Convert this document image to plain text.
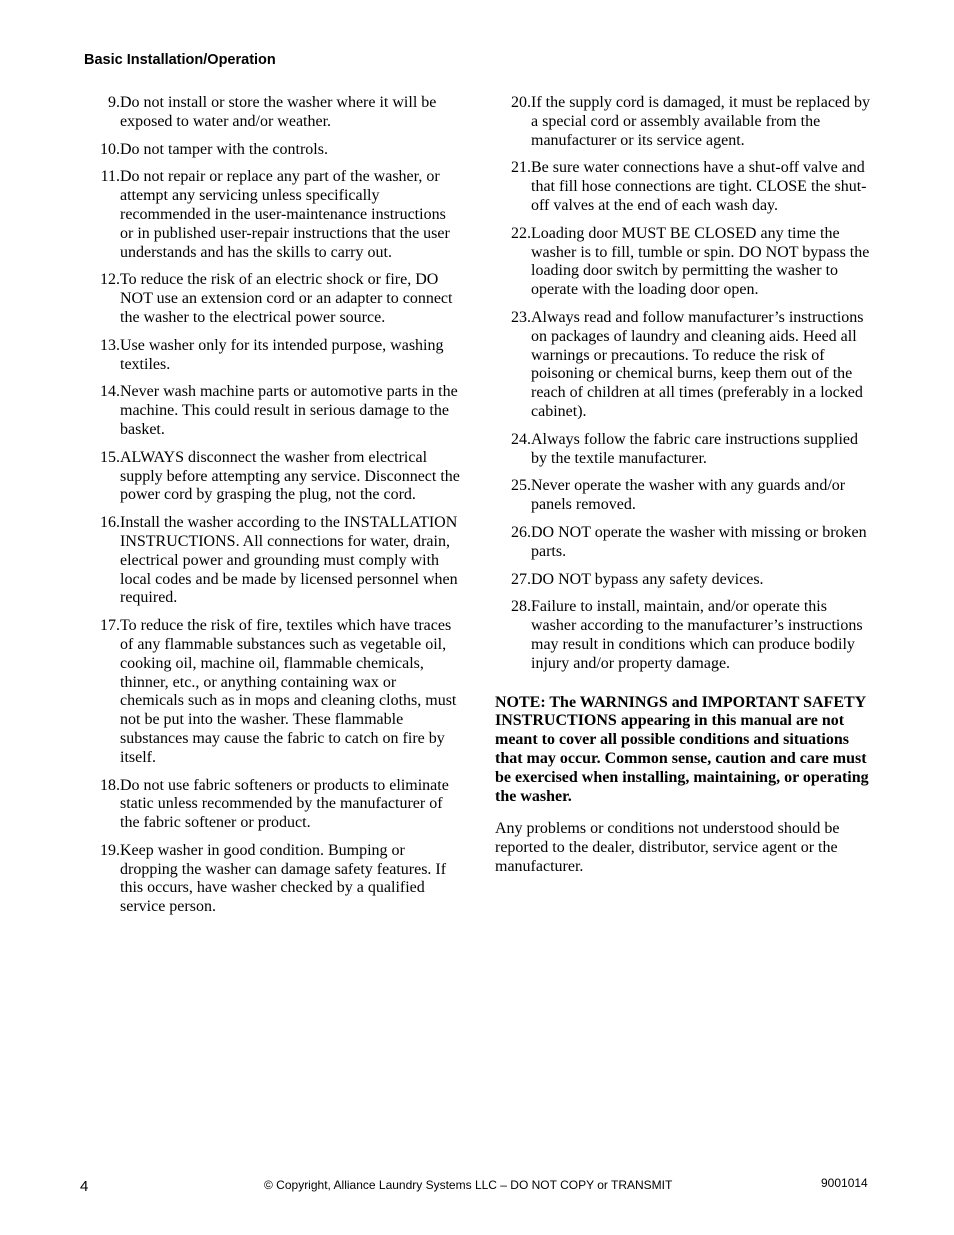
Basic Installation/Operation
9. Do not install or store the washer where it will be exposed to water and/or weather.
10. Do not tamper with the controls.
11. Do not repair or replace any part of the washer, or attempt any servicing unless specifically recommended in the user-maintenance instructions or in published user-repair instructions that the user understands and has the skills to carry out.
12. To reduce the risk of an electric shock or fire, DO NOT use an extension cord or an adapter to connect the washer to the electrical power source.
13. Use washer only for its intended purpose, washing textiles.
14. Never wash machine parts or automotive parts in the machine. This could result in serious damage to the basket.
15. ALWAYS disconnect the washer from electrical supply before attempting any service. Disconnect the power cord by grasping the plug, not the cord.
16. Install the washer according to the INSTALLATION INSTRUCTIONS. All connections for water, drain, electrical power and grounding must comply with local codes and be made by licensed personnel when required.
17. To reduce the risk of fire, textiles which have traces of any flammable substances such as vegetable oil, cooking oil, machine oil, flammable chemicals, thinner, etc., or anything containing wax or chemicals such as in mops and cleaning cloths, must not be put into the washer. These flammable substances may cause the fabric to catch on fire by itself.
18. Do not use fabric softeners or products to eliminate static unless recommended by the manufacturer of the fabric softener or product.
19. Keep washer in good condition. Bumping or dropping the washer can damage safety features. If this occurs, have washer checked by a qualified service person.
20. If the supply cord is damaged, it must be replaced by a special cord or assembly available from the manufacturer or its service agent.
21. Be sure water connections have a shut-off valve and that fill hose connections are tight. CLOSE the shut-off valves at the end of each wash day.
22. Loading door MUST BE CLOSED any time the washer is to fill, tumble or spin. DO NOT bypass the loading door switch by permitting the washer to operate with the loading door open.
23. Always read and follow manufacturer’s instructions on packages of laundry and cleaning aids. Heed all warnings or precautions. To reduce the risk of poisoning or chemical burns, keep them out of the reach of children at all times (preferably in a locked cabinet).
24. Always follow the fabric care instructions supplied by the textile manufacturer.
25. Never operate the washer with any guards and/or panels removed.
26. DO NOT operate the washer with missing or broken parts.
27. DO NOT bypass any safety devices.
28. Failure to install, maintain, and/or operate this washer according to the manufacturer’s instructions may result in conditions which can produce bodily injury and/or property damage.
NOTE: The WARNINGS and IMPORTANT SAFETY INSTRUCTIONS appearing in this manual are not meant to cover all possible conditions and situations that may occur. Common sense, caution and care must be exercised when installing, maintaining, or operating the washer.
Any problems or conditions not understood should be reported to the dealer, distributor, service agent or the manufacturer.
4	© Copyright, Alliance Laundry Systems LLC – DO NOT COPY or TRANSMIT	9001014
